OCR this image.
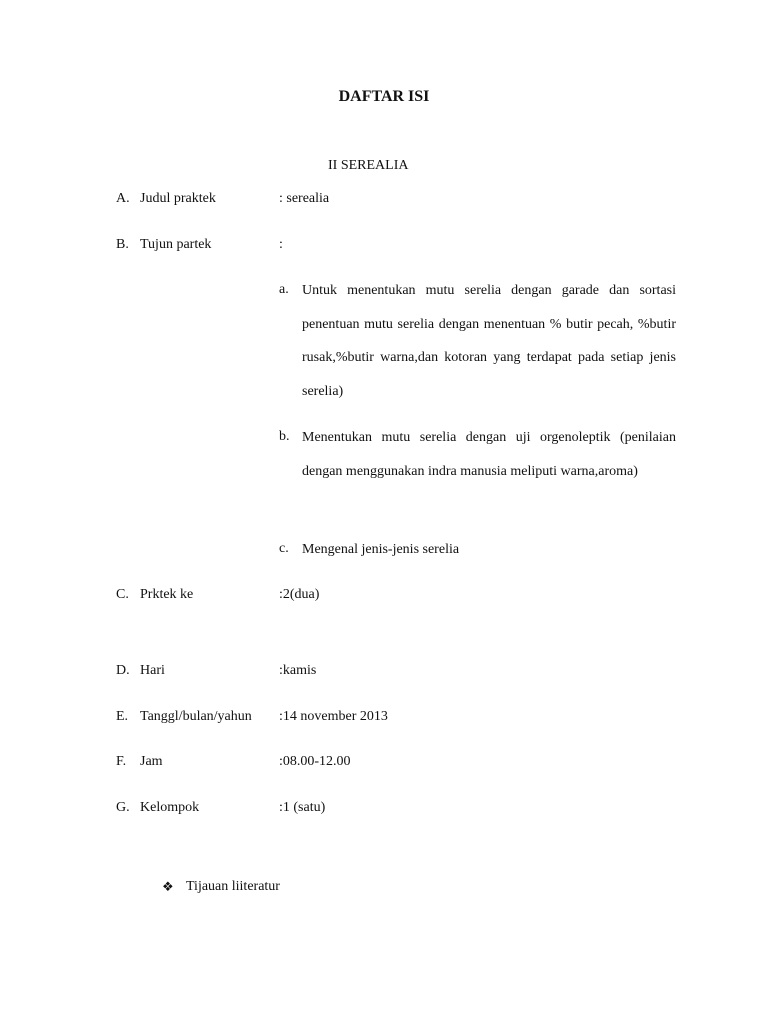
DAFTAR ISI
II SEREALIA
A. Judul praktek	: serealia
B. Tujun partek	:
a. Untuk menentukan mutu serelia dengan garade dan sortasi penentuan mutu serelia dengan menentuan % butir pecah, %butir rusak,%butir warna,dan kotoran yang terdapat pada setiap jenis serelia)
b. Menentukan mutu serelia dengan uji orgenoleptik (penilaian dengan menggunakan indra manusia meliputi warna,aroma)
c. Mengenal jenis-jenis serelia
C. Prktek ke	:2(dua)
D. Hari	:kamis
E. Tanggl/bulan/yahun :14 november 2013
F. Jam	:08.00-12.00
G. Kelompok	:1 (satu)
❖ Tijauan liiteratur
